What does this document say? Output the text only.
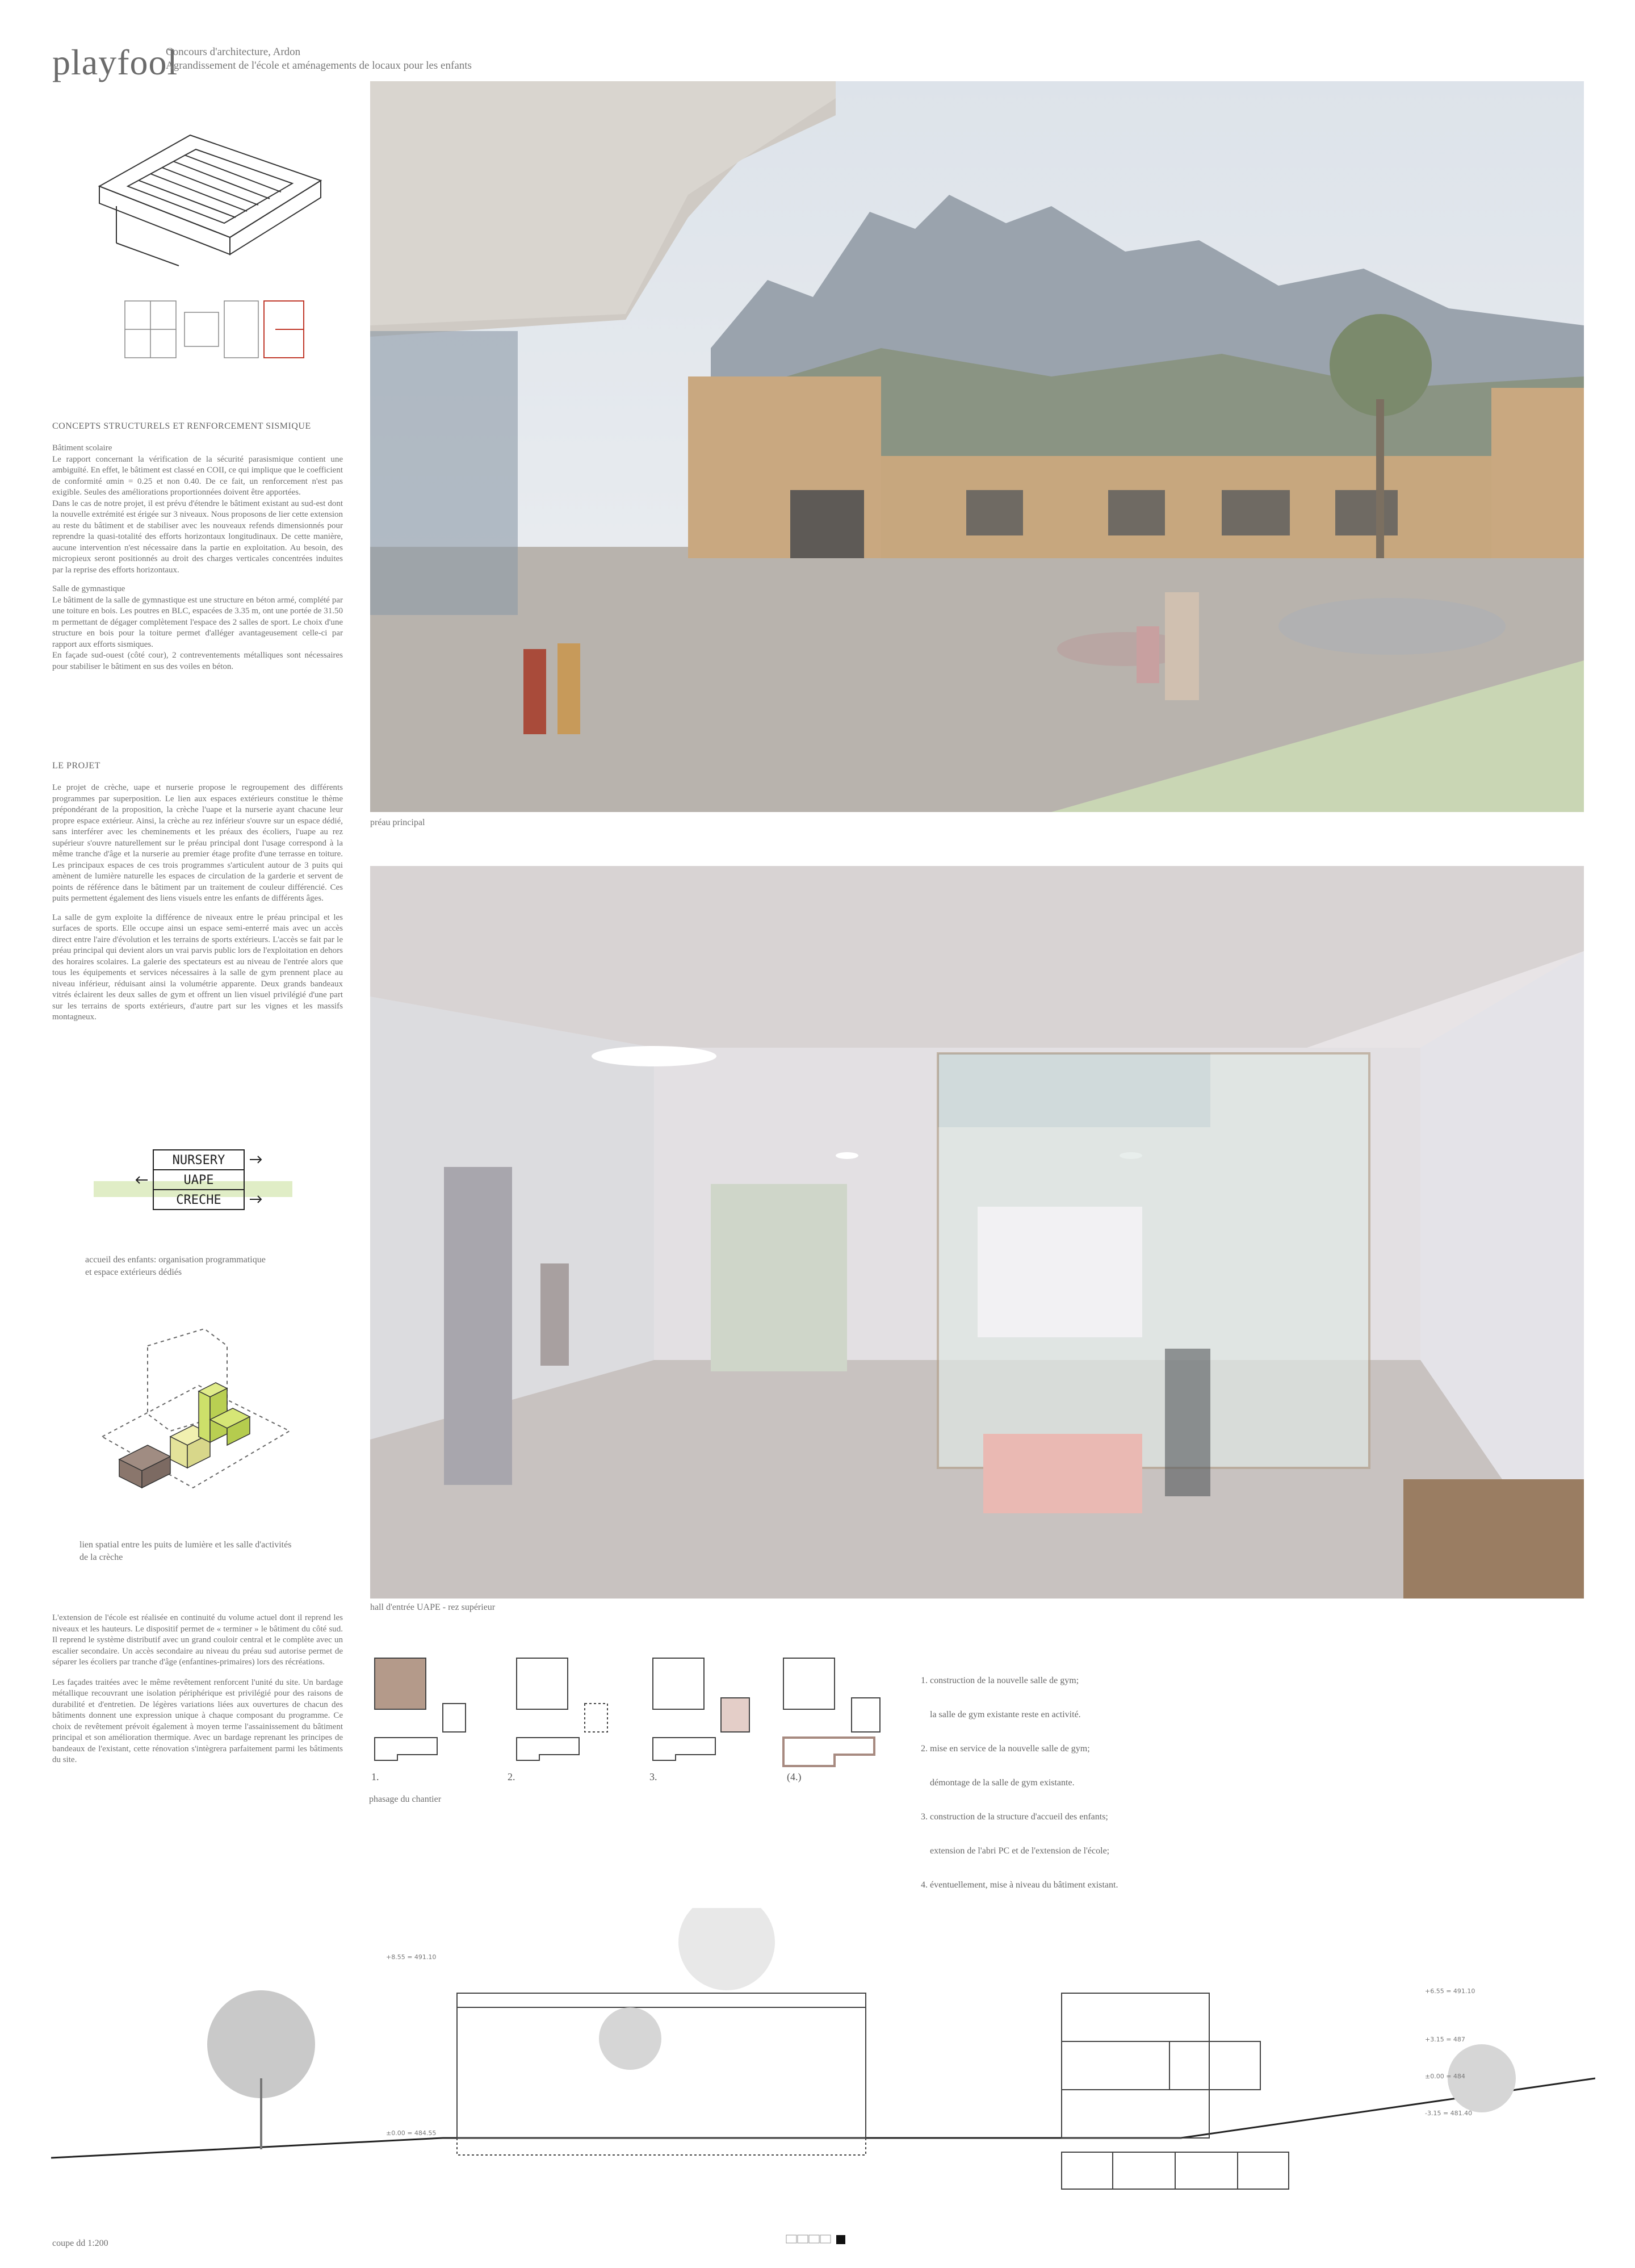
playfool
Concours d'architecture, Ardon
Agrandissement de l'école et aménagements de locaux pour les enfants
CONCEPTS STRUCTURELS ET RENFORCEMENT SISMIQUE
Bâtiment scolaire
Le rapport concernant la vérification de la sécurité parasismique contient une ambiguïté. En effet, le bâtiment est classé en COII, ce qui implique que le coefficient de conformité αmin = 0.25 et non 0.40. De ce fait, un renforcement n'est pas exigible. Seules des améliorations proportionnées doivent être apportées.
Dans le cas de notre projet, il est prévu d'étendre le bâtiment existant au sud-est dont la nouvelle extrémité est érigée sur 3 niveaux. Nous proposons de lier cette extension au reste du bâtiment et de stabiliser avec les nouveaux refends dimensionnés pour reprendre la quasi-totalité des efforts horizontaux longitudinaux. De cette manière, aucune intervention n'est nécessaire dans la partie en exploitation. Au besoin, des micropieux seront positionnés au droit des charges verticales concentrées induites par la reprise des efforts horizontaux.
Salle de gymnastique
Le bâtiment de la salle de gymnastique est une structure en béton armé, complété par une toiture en bois. Les poutres en BLC, espacées de 3.35 m, ont une portée de 31.50 m permettant de dégager complètement l'espace des 2 salles de sport. Le choix d'une structure en bois pour la toiture permet d'alléger avantageusement celle-ci par rapport aux efforts sismiques.
En façade sud-ouest (côté cour), 2 contreventements métalliques sont nécessaires pour stabiliser le bâtiment en sus des voiles en béton.
LE PROJET
Le projet de crèche, uape et nurserie propose le regroupement des différents programmes par superposition. Le lien aux espaces extérieurs constitue le thème prépondérant de la proposition, la crèche l'uape et la nurserie ayant chacune leur propre espace extérieur. Ainsi, la crèche au rez inférieur s'ouvre sur un espace dédié, sans interférer avec les cheminements et les préaux des écoliers, l'uape au rez supérieur s'ouvre naturellement sur le préau principal dont l'usage correspond à la même tranche d'âge et la nurserie au premier étage profite d'une terrasse en toiture. Les principaux espaces de ces trois programmes s'articulent autour de 3 puits qui amènent de lumière naturelle les espaces de circulation de la garderie et servent de points de référence dans le bâtiment par un traitement de couleur différencié. Ces puits permettent également des liens visuels entre les enfants de différents âges.
La salle de gym exploite la différence de niveaux entre le préau principal et les surfaces de sports. Elle occupe ainsi un espace semi-enterré mais avec un accès direct entre l'aire d'évolution et les terrains de sports extérieurs. L'accès se fait par le préau principal qui devient alors un vrai parvis public lors de l'exploitation en dehors des horaires scolaires. La galerie des spectateurs est au niveau de l'entrée alors que tous les équipements et services nécessaires à la salle de gym prennent place au niveau inférieur, réduisant ainsi la volumétrie apparente. Deux grands bandeaux vitrés éclairent les deux salles de gym et offrent un lien visuel privilégié d'une part sur les terrains de sports extérieurs, d'autre part sur les vignes et les massifs montagneux.
NURSERY
UAPE
CRECHE
accueil des enfants: organisation programmatique
et espace extérieurs dédiés
lien spatial entre les puits de lumière et les salle d'activités
de la crèche
L'extension de l'école est réalisée en continuité du volume actuel dont il reprend les niveaux et les hauteurs. Le dispositif permet de « terminer » le bâtiment du côté sud. Il reprend le système distributif avec un grand couloir central et le complète avec un escalier secondaire. Un accès secondaire au niveau du préau sud autorise permet de séparer les écoliers par tranche d'âge (enfantines-primaires) lors des récréations.
Les façades traitées avec le même revêtement renforcent l'unité du site. Un bardage métallique recouvrant une isolation périphérique est privilégié pour des raisons de durabilité et d'entretien. De légères variations liées aux ouvertures de chacun des bâtiments donnent une expression unique à chaque composant du programme. Ce choix de revêtement prévoit également à moyen terme l'assainissement du bâtiment principal et son amélioration thermique. Avec un bardage reprenant les principes de bandeaux de l'existant, cette rénovation s'intègrera parfaitement parmi les bâtiments du site.
préau principal
hall d'entrée UAPE - rez supérieur
1.	2.	3.	(4.)
phasage du chantier

1. construction de la nouvelle salle de gym;

la salle de gym existante reste en activité.

2. mise en service de la nouvelle salle de gym;

démontage de la salle de gym existante.

3. construction de la structure d'accueil des enfants;

extension de l'abri PC et de l'extension de l'école;

4. éventuellement, mise à niveau du bâtiment existant.

+8.55 = 491.10
±0.00 = 484.55
+6.55 = 491.10
+3.15 = 487
±0.00 = 484
-3.15 = 481.40
coupe dd 1:200
